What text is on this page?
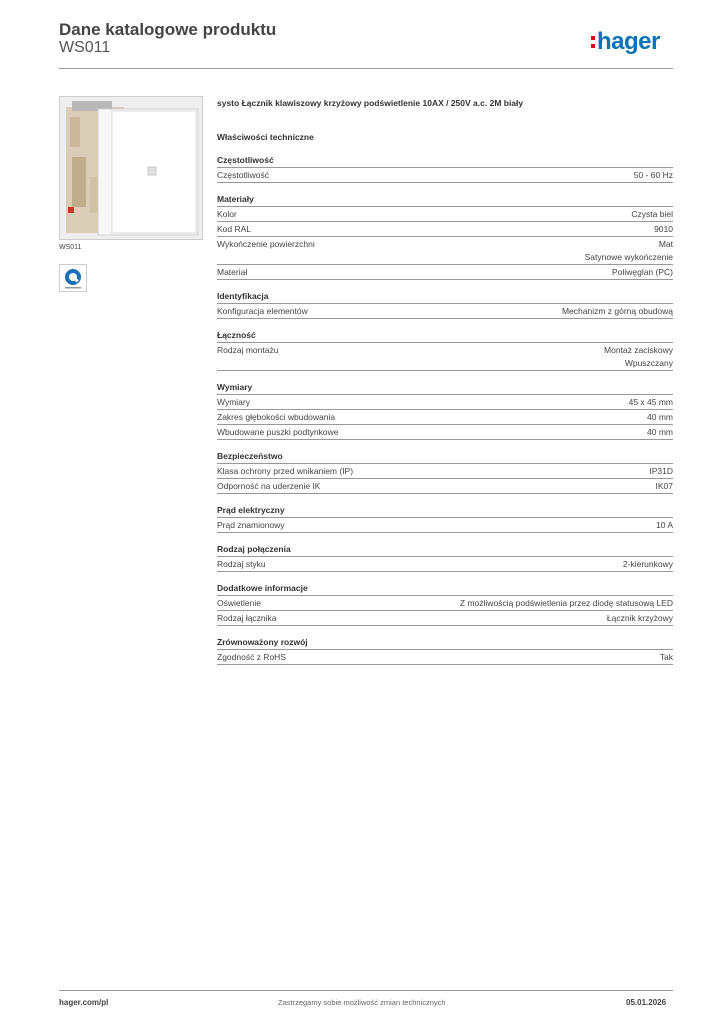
Dane katalogowe produktu
WS011	hager
WS011
systo Łącznik klawiszowy krzyżowy podświetlenie 10AX / 250V a.c. 2M biały
Właściwości techniczne
Częstotliwość
Częstotliwość	50 - 60 Hz
Materiały
Kolor	Czysta biel
Kod RAL	9010
Wykończenie powierzchni	Mat
Satynowe wykończenie
Materiał	Poliwęglan (PC)
Identyfikacja
Konfiguracja elementów	Mechanizm z górną obudową
Łączność
Rodzaj montażu	Montaż zaciskowy
Wpuszczany
Wymiary
Wymiary	45 x 45 mm
Zakres głębokości wbudowania	40 mm
Wbudowane puszki podtynkowe	40 mm
Bezpieczeństwo
Klasa ochrony przed wnikaniem (IP)	IP31D
Odporność na uderzenie IK	IK07
Prąd elektryczny
Prąd znamionowy	10 A
Rodzaj połączenia
Rodzaj styku	2-kierunkowy
Dodatkowe informacje
Oświetlenie	Z możliwością podświetlenia przez diodę statusową LED
Rodzaj łącznika	Łącznik krzyżowy
Zrównoważony rozwój
Zgodność z RoHS	Tak
hager.com/pl	Zastrzegamy sobie możliwość zmian technicznych	05.01.2026
